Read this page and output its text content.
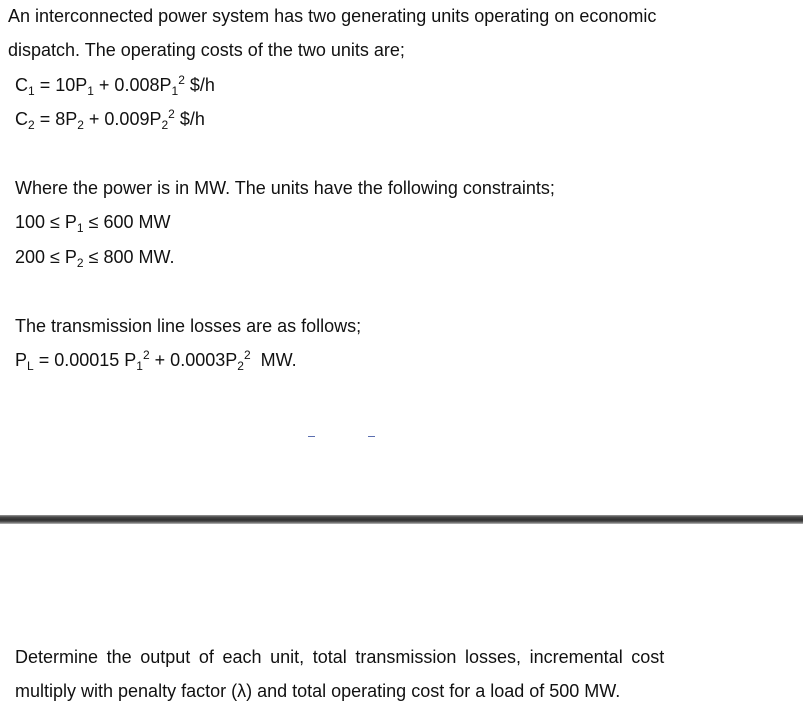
An interconnected power system has two generating units operating on economic
dispatch. The operating costs of the two units are;
$C_1 = 10P_1 + 0.008P_1^2$ $/h
$C_2 = 8P_2 + 0.009P_2^2$ $/h
Where the power is in MW. The units have the following constraints;
$100 \le P_1 \le 600$ MW
$200 \le P_2 \le 800$ MW.
The transmission line losses are as follows;
$P_L = 0.00015$ $P_1^2 + 0.0003P_2^2$  MW.
Determine the output of each unit, total transmission losses, incremental cost
multiply with penalty factor (λ) and total operating cost for a load of 500 MW.
